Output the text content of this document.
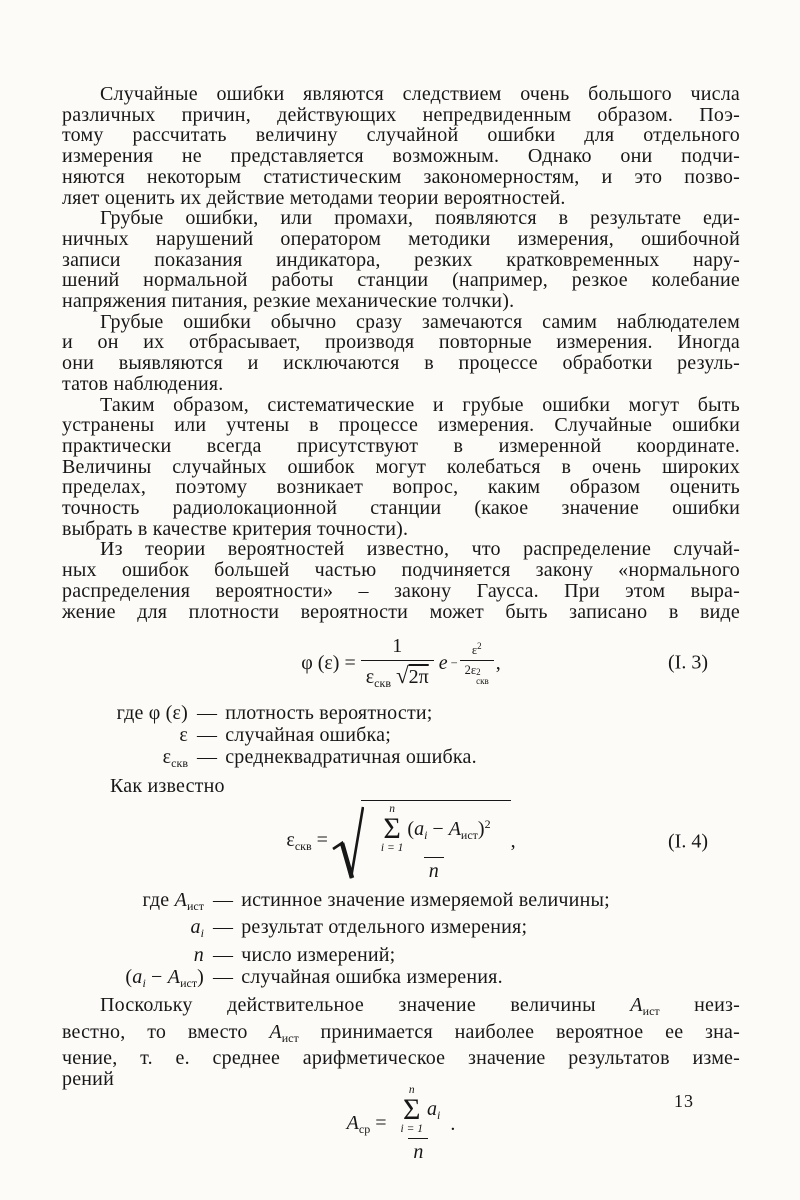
Случайные ошибки являются следствием очень большого числа
различных причин, действующих непредвиденным образом. Поэ-
тому рассчитать величину случайной ошибки для отдельного
измерения не представляется возможным. Однако они подчи-
няются некоторым статистическим закономерностям, и это позво-
ляет оценить их действие методами теории вероятностей.
Грубые ошибки, или промахи, появляются в результате еди-
ничных нарушений оператором методики измерения, ошибочной
записи показания индикатора, резких кратковременных нару-
шений нормальной работы станции (например, резкое колебание
напряжения питания, резкие механические толчки).
Грубые ошибки обычно сразу замечаются самим наблюдателем
и он их отбрасывает, производя повторные измерения. Иногда
они выявляются и исключаются в процессе обработки резуль-
татов наблюдения.
Таким образом, систематические и грубые ошибки могут быть
устранены или учтены в процессе измерения. Случайные ошибки
практически всегда присутствуют в измеренной координате.
Величины случайных ошибок могут колебаться в очень широких
пределах, поэтому возникает вопрос, каким образом оценить
точность радиолокационной станции (какое значение ошибки
выбрать в качестве критерия точности).
Из теории вероятностей известно, что распределение случай-
ных ошибок большей частью подчиняется закону «нормального
распределения вероятности» – закону Гаусса. При этом выра-
жение для плотности вероятности может быть записано в виде
φ $(\varepsilon) = \frac{1}{\varepsilon_{скв} √2\pi}$ $e - \varepsilon^2$
2ε 2
скв ,	(I. 3)
где φ (ε) — плотность вероятности;
ε — случайная ошибка;
$\varepsilon_{скв}$ — среднеквадратичная ошибка.
Как известно
$\varepsilon_{скв}$ =
n
Σ
i = 1
$(a_i - A_{ист})^2$
n
,	(I. 4)
где $A_{ист}$ — истинное значение измеряемой величины;
$a_i$ — результат отдельного измерения;
n — число измерений;
$(a_i - A_{ист})$ — случайная ошибка измерения.
Поскольку действительное значение величины $A_{ист}$ неиз-
вестно, то вместо $A_{ист}$ принимается наиболее вероятное ее зна-
чение, т. е. среднее арифметическое значение результатов изме-
рений
$A_{ср} = n$
Σ
i = 1
$a_i$
n .
13
